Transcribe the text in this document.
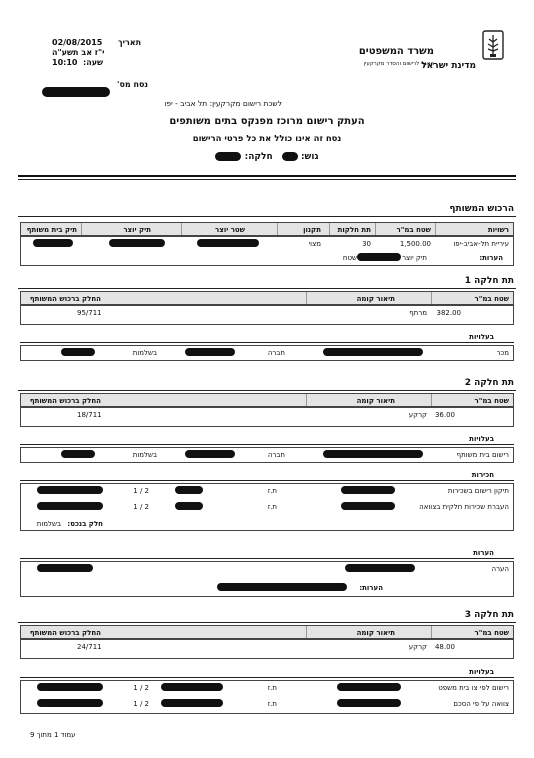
מדינת ישראל
משרד המשפטים
האגף לרישום והסדר מקרקעין
תאריך
02/08/2015
י"ז אב תשע"ה
שעה:
10:10
נסח מס'
לשכת רישום מקרקעין: תל אביב - יפו
העתק רישום מרוכז מפנקס בתים משותפים
נסח זה אינו כולל את כל פרטי הרישום
גוש:  חלקה:
הרכוש המשותף
רשויות
שטח במ"ר
תת חלקות
תקנון
שטר יוצר
תיק יוצר
תיק בית משותף
עיריית תל-אביב-יפו
1,500.00
30
מצוי
הערות:
תיק יוצר
שטח
תת חלקה 1
שטח במ"ר
תיאור קומה
החלק ברכוש המשותף
382.00
מרתף
95/711
בעלויות
מכר
חברה
בשלמות
תת חלקה 2
שטח במ"ר
תיאור קומה
החלק ברכוש המשותף
36.00
קרקע
18/711
בעלויות
רישום בית משותף
חברה
בשלמות
חכירות
תיקון רישום בשכירות
ת.ז
1 / 2
העברת שכירות חלקית בצוואה
ת.ז
1 / 2
חלק בנכס:
בשלמות
הערות
הערה
הערות:
תת חלקה 3
שטח במ"ר
תיאור קומה
החלק ברכוש המשותף
48.00
קרקע
24/711
בעלויות
רישום לפי צו בית משפט
ת.ז
1 / 2
צוואה על פי הסכם
ת.ז
1 / 2
עמוד 1 מתוך 9
